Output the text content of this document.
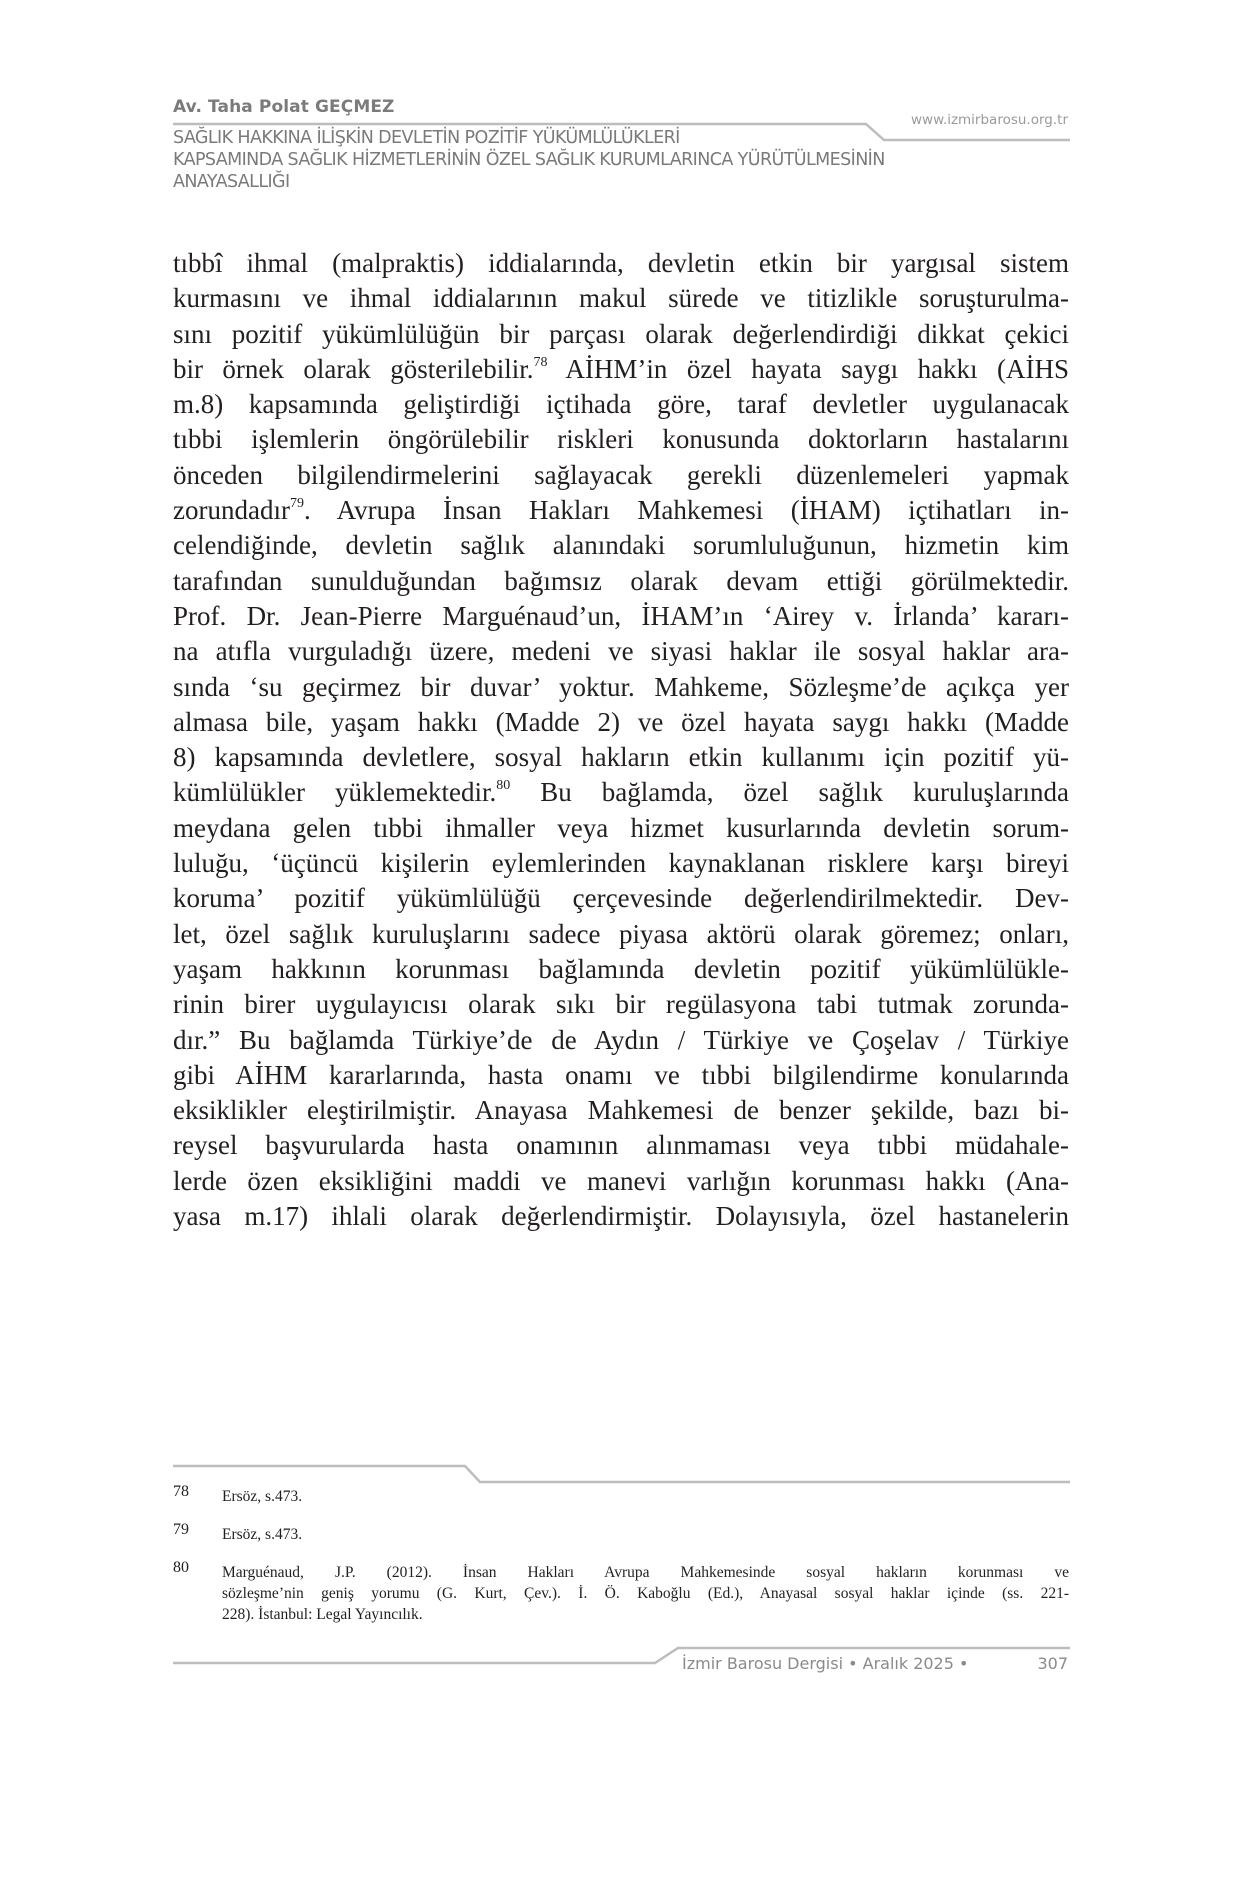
Av. Taha Polat GEÇMEZ
www.izmirbarosu.org.tr
SAĞLIK HAKKINA İLİŞKİN DEVLETİN POZİTİF YÜKÜMLÜLÜKLERİ
KAPSAMINDA SAĞLIK HİZMETLERİNİN ÖZEL SAĞLIK KURUMLARINCA YÜRÜTÜLMESİNİN
ANAYASALLIĞI
tıbbî ihmal (malpraktis) iddialarında, devletin etkin bir yargısal sistem
kurmasını ve ihmal iddialarının makul sürede ve titizlikle soruşturulma-
sını pozitif yükümlülüğün bir parçası olarak değerlendirdiği dikkat çekici
bir örnek olarak gösterilebilir.$^{78}$ AİHM’in özel hayata saygı hakkı (AİHS
m.8) kapsamında geliştirdiği içtihada göre, taraf devletler uygulanacak
tıbbi işlemlerin öngörülebilir riskleri konusunda doktorların hastalarını
önceden bilgilendirmelerini sağlayacak gerekli düzenlemeleri yapmak
zorundadır$^{79}$. Avrupa İnsan Hakları Mahkemesi (İHAM) içtihatları in-
celendiğinde, devletin sağlık alanındaki sorumluluğunun, hizmetin kim
tarafından sunulduğundan bağımsız olarak devam ettiği görülmektedir.
Prof. Dr. Jean-Pierre Marguénaud’un, İHAM’ın ‘Airey v. İrlanda’ kararı-
na atıfla vurguladığı üzere, medeni ve siyasi haklar ile sosyal haklar ara-
sında ‘su geçirmez bir duvar’ yoktur. Mahkeme, Sözleşme’de açıkça yer
almasa bile, yaşam hakkı (Madde 2) ve özel hayata saygı hakkı (Madde
8) kapsamında devletlere, sosyal hakların etkin kullanımı için pozitif yü-
kümlülükler yüklemektedir.$^{80}$ Bu bağlamda, özel sağlık kuruluşlarında
meydana gelen tıbbi ihmaller veya hizmet kusurlarında devletin sorum-
luluğu, ‘üçüncü kişilerin eylemlerinden kaynaklanan risklere karşı bireyi
koruma’ pozitif yükümlülüğü çerçevesinde değerlendirilmektedir. Dev-
let, özel sağlık kuruluşlarını sadece piyasa aktörü olarak göremez; onları,
yaşam hakkının korunması bağlamında devletin pozitif yükümlülükle-
rinin birer uygulayıcısı olarak sıkı bir regülasyona tabi tutmak zorunda-
dır.” Bu bağlamda Türkiye’de de Aydın / Türkiye ve Çoşelav / Türkiye
gibi AİHM kararlarında, hasta onamı ve tıbbi bilgilendirme konularında
eksiklikler eleştirilmiştir. Anayasa Mahkemesi de benzer şekilde, bazı bi-
reysel başvurularda hasta onamının alınmaması veya tıbbi müdahale-
lerde özen eksikliğini maddi ve manevi varlığın korunması hakkı (Ana-
yasa m.17) ihlali olarak değerlendirmiştir. Dolayısıyla, özel hastanelerin
78 Ersöz, s.473.
79 Ersöz, s.473.
80 Marguénaud, J.P. (2012). İnsan Hakları Avrupa Mahkemesinde sosyal hakların korunması ve
sözleşme’nin geniş yorumu (G. Kurt, Çev.). İ. Ö. Kaboğlu (Ed.), Anayasal sosyal haklar içinde (ss. 221-
228). İstanbul: Legal Yayıncılık.
İzmir Barosu Dergisi • Aralık 2025 •	307
